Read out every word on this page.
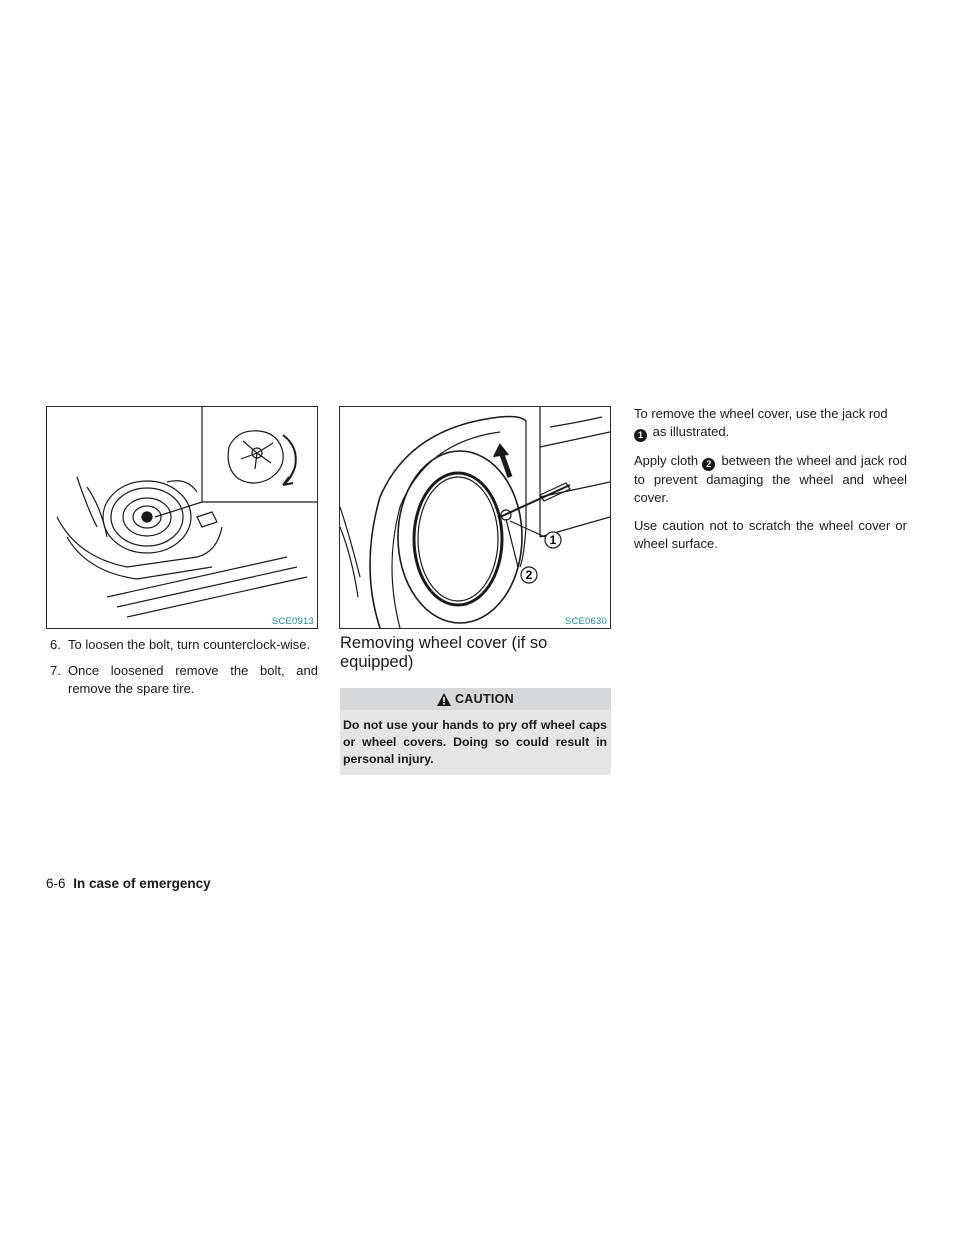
SCE0913
1
2
SCE0630
6. To loosen the bolt, turn counterclock-wise.
7. Once loosened remove the bolt, and remove the spare tire.
Removing wheel cover (if so equipped)
CAUTION
Do not use your hands to pry off wheel caps or wheel covers. Doing so could result in personal injury.

To remove the wheel cover, use the jack rod
1 as illustrated.

Apply cloth 2 between the wheel and jack rod to prevent damaging the wheel and wheel cover.

Use caution not to scratch the wheel cover or wheel surface.

6-6 In case of emergency
